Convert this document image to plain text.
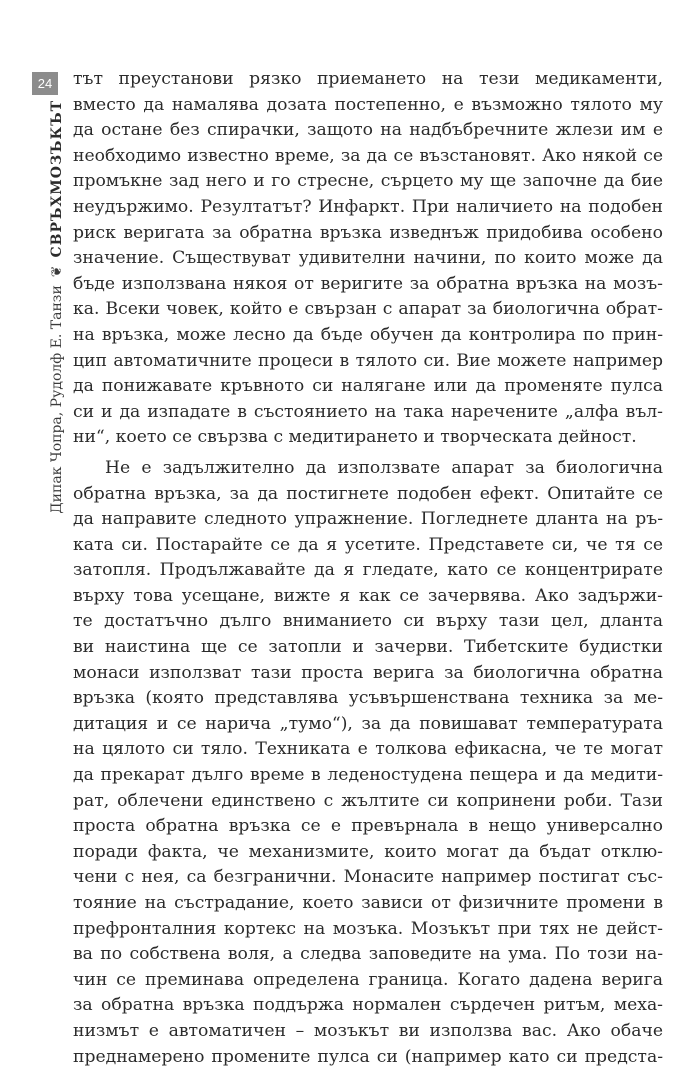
24
СВРЪХМОЗЪКЪТ
❦
Дипак Чопра, Рудолф Е. Танзи
тът преустанови рязко приемането на тези медикаменти,
вместо да намалява дозата постепенно, е възможно тялото му
да остане без спирачки, защото на надбъбречните жлези им е
необходимо известно време, за да се възстановят. Ако някой се
промъкне зад него и го стресне, сърцето му ще започне да бие
неудържимо. Резултатът? Инфаркт. При наличието на подобен
риск веригата за обратна връзка изведнъж придобива особено
значение. Съществуват удивителни начини, по които може да
бъде използвана някоя от веригите за обратна връзка на мозъ-
ка. Всеки човек, който е свързан с апарат за биологична обрат-
на връзка, може лесно да бъде обучен да контролира по прин-
цип автоматичните процеси в тялото си. Вие можете например
да понижавате кръвното си налягане или да променяте пулса
си и да изпадате в състоянието на така наречените „алфа въл-
ни“, което се свързва с медитирането и творческата дейност.
Не е задължително да използвате апарат за биологична
обратна връзка, за да постигнете подобен ефект. Опитайте се
да направите следното упражнение. Погледнете дланта на ръ-
ката си. Постарайте се да я усетите. Представете си, че тя се
затопля. Продължавайте да я гледате, като се концентрирате
върху това усещане, вижте я как се зачервява. Ако задържи-
те достатъчно дълго вниманието си върху тази цел, дланта
ви наистина ще се затопли и зачерви. Тибетските будистки
монаси използват тази проста верига за биологична обратна
връзка (която представлява усъвършенствана техника за ме-
дитация и се нарича „тумо“), за да повишават температурата
на цялото си тяло. Техниката е толкова ефикасна, че те могат
да прекарат дълго време в леденостудена пещера и да медити-
рат, облечени единствено с жълтите си копринени роби. Тази
проста обратна връзка се е превърнала в нещо универсално
поради факта, че механизмите, които могат да бъдат отклю-
чени с нея, са безгранични. Монасите например постигат със-
тояние на състрадание, което зависи от физичните промени в
префронталния кортекс на мозъка. Мозъкът при тях не дейст-
ва по собствена воля, а следва заповедите на ума. По този на-
чин се преминава определена граница. Когато дадена верига
за обратна връзка поддържа нормален сърдечен ритъм, меха-
низмът е автоматичен – мозъкът ви използва вас. Ако обаче
преднамерено промените пулса си (например като си предста-
